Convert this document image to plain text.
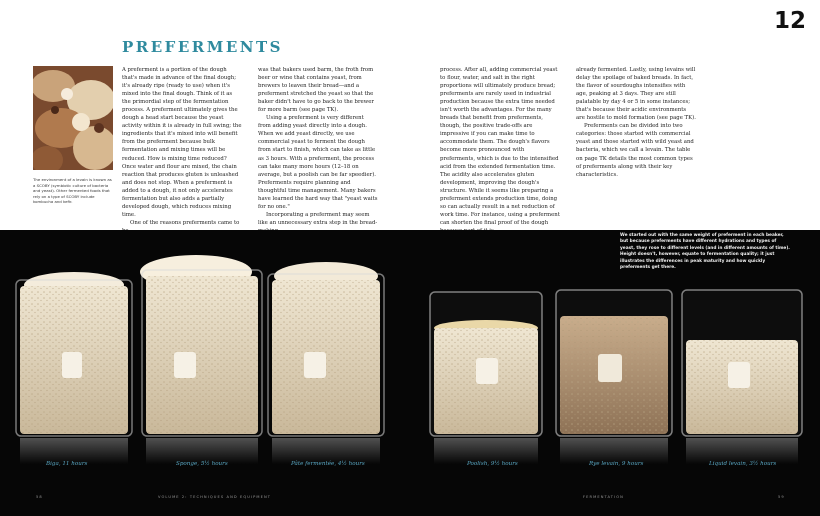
12
PREFERMENTS
The environment of a levain is known as a SCOBY (symbiotic culture of bacteria and yeast). Other fermented foods that rely on a type of SCOBY include kombucha and kefir.

A preferment is a portion of the dough that's made in advance of the final dough; it's already ripe (ready to use) when it's mixed into the final dough. Think of it as the primordial step of the fermentation process. A preferment ultimately gives the dough a head start because the yeast activity within it is already in full swing; the ingredients that it's mixed into will benefit from the preferment because bulk fermentation and mixing times will be reduced. How is mixing time reduced? Once water and flour are mixed, the chain reaction that produces gluten is unleashed and does not stop. When a preferment is added to a dough, it not only accelerates fermentation but also adds a partially developed dough, which reduces mixing time.

One of the reasons preferments came to

was that bakers used barm, the froth from beer or wine that contains yeast, from brewers to leaven their bread—and a preferment stretched the yeast so that the baker didn't have to go back to the brewer for more barm (see page TK).

Using a preferment is very different from adding yeast directly into a dough. When we add yeast directly, we use commercial yeast to ferment the dough from start to finish, which can take as little as 3 hours. With a preferment, the process can take many more hours (12–18 on average, but a poolish can be far speedier). Preferments require planning and thoughtful time management. Many bakers have learned the hard way that "yeast waits for no one."

Incorporating a preferment may seem like an unnecessary extra step in the bread-

process. After all, adding commercial yeast to flour, water, and salt in the right proportions will ultimately produce bread; preferments are rarely used in industrial production because the extra time needed isn't worth the advantages. For the many breads that benefit from preferments, though, the positive trade-offs are impressive if you can make time to accommodate them. The dough's flavors become more pronounced with preferments, which is due to the intensified acid from the extended fermentation time. The acidity also accelerates gluten development, improving the dough's structure. While it seems like preparing a preferment extends production time, doing so can actually result in a net reduction of work time. For instance, using a preferment can shorten the final proof of the dough

already fermented. Lastly, using levains will delay the spoilage of baked breads. In fact, the flavor of sourdoughs intensifies with age, peaking at 3 days. They are still palatable by day 4 or 5 in some instances; that's because their acidic environments are hostile to mold formation (see page TK).

Preferments can be divided into two categories: those started with commercial yeast and those started with wild yeast and bacteria, which we call a levain. The table on page TK details the most common types of preferments along with their key characteristics.

We started out with the same weight of preferment in each beaker, but because preferments have different hydrations and types of yeast, they rose to different levels (and in different amounts of time). Height doesn't, however, equate to fermentation quality; it just illustrates the differences in peak maturity and how quickly preferments get there.
Biga, 11 hours	Sponge, 5½ hours	Pâte fermentée, 4½ hours	Poolish, 9½ hours	Rye levain, 9 hours	Liquid levain, 3½ hours
58	VOLUME 2: TECHNIQUES AND EQUIPMENT	FERMENTATION	59
